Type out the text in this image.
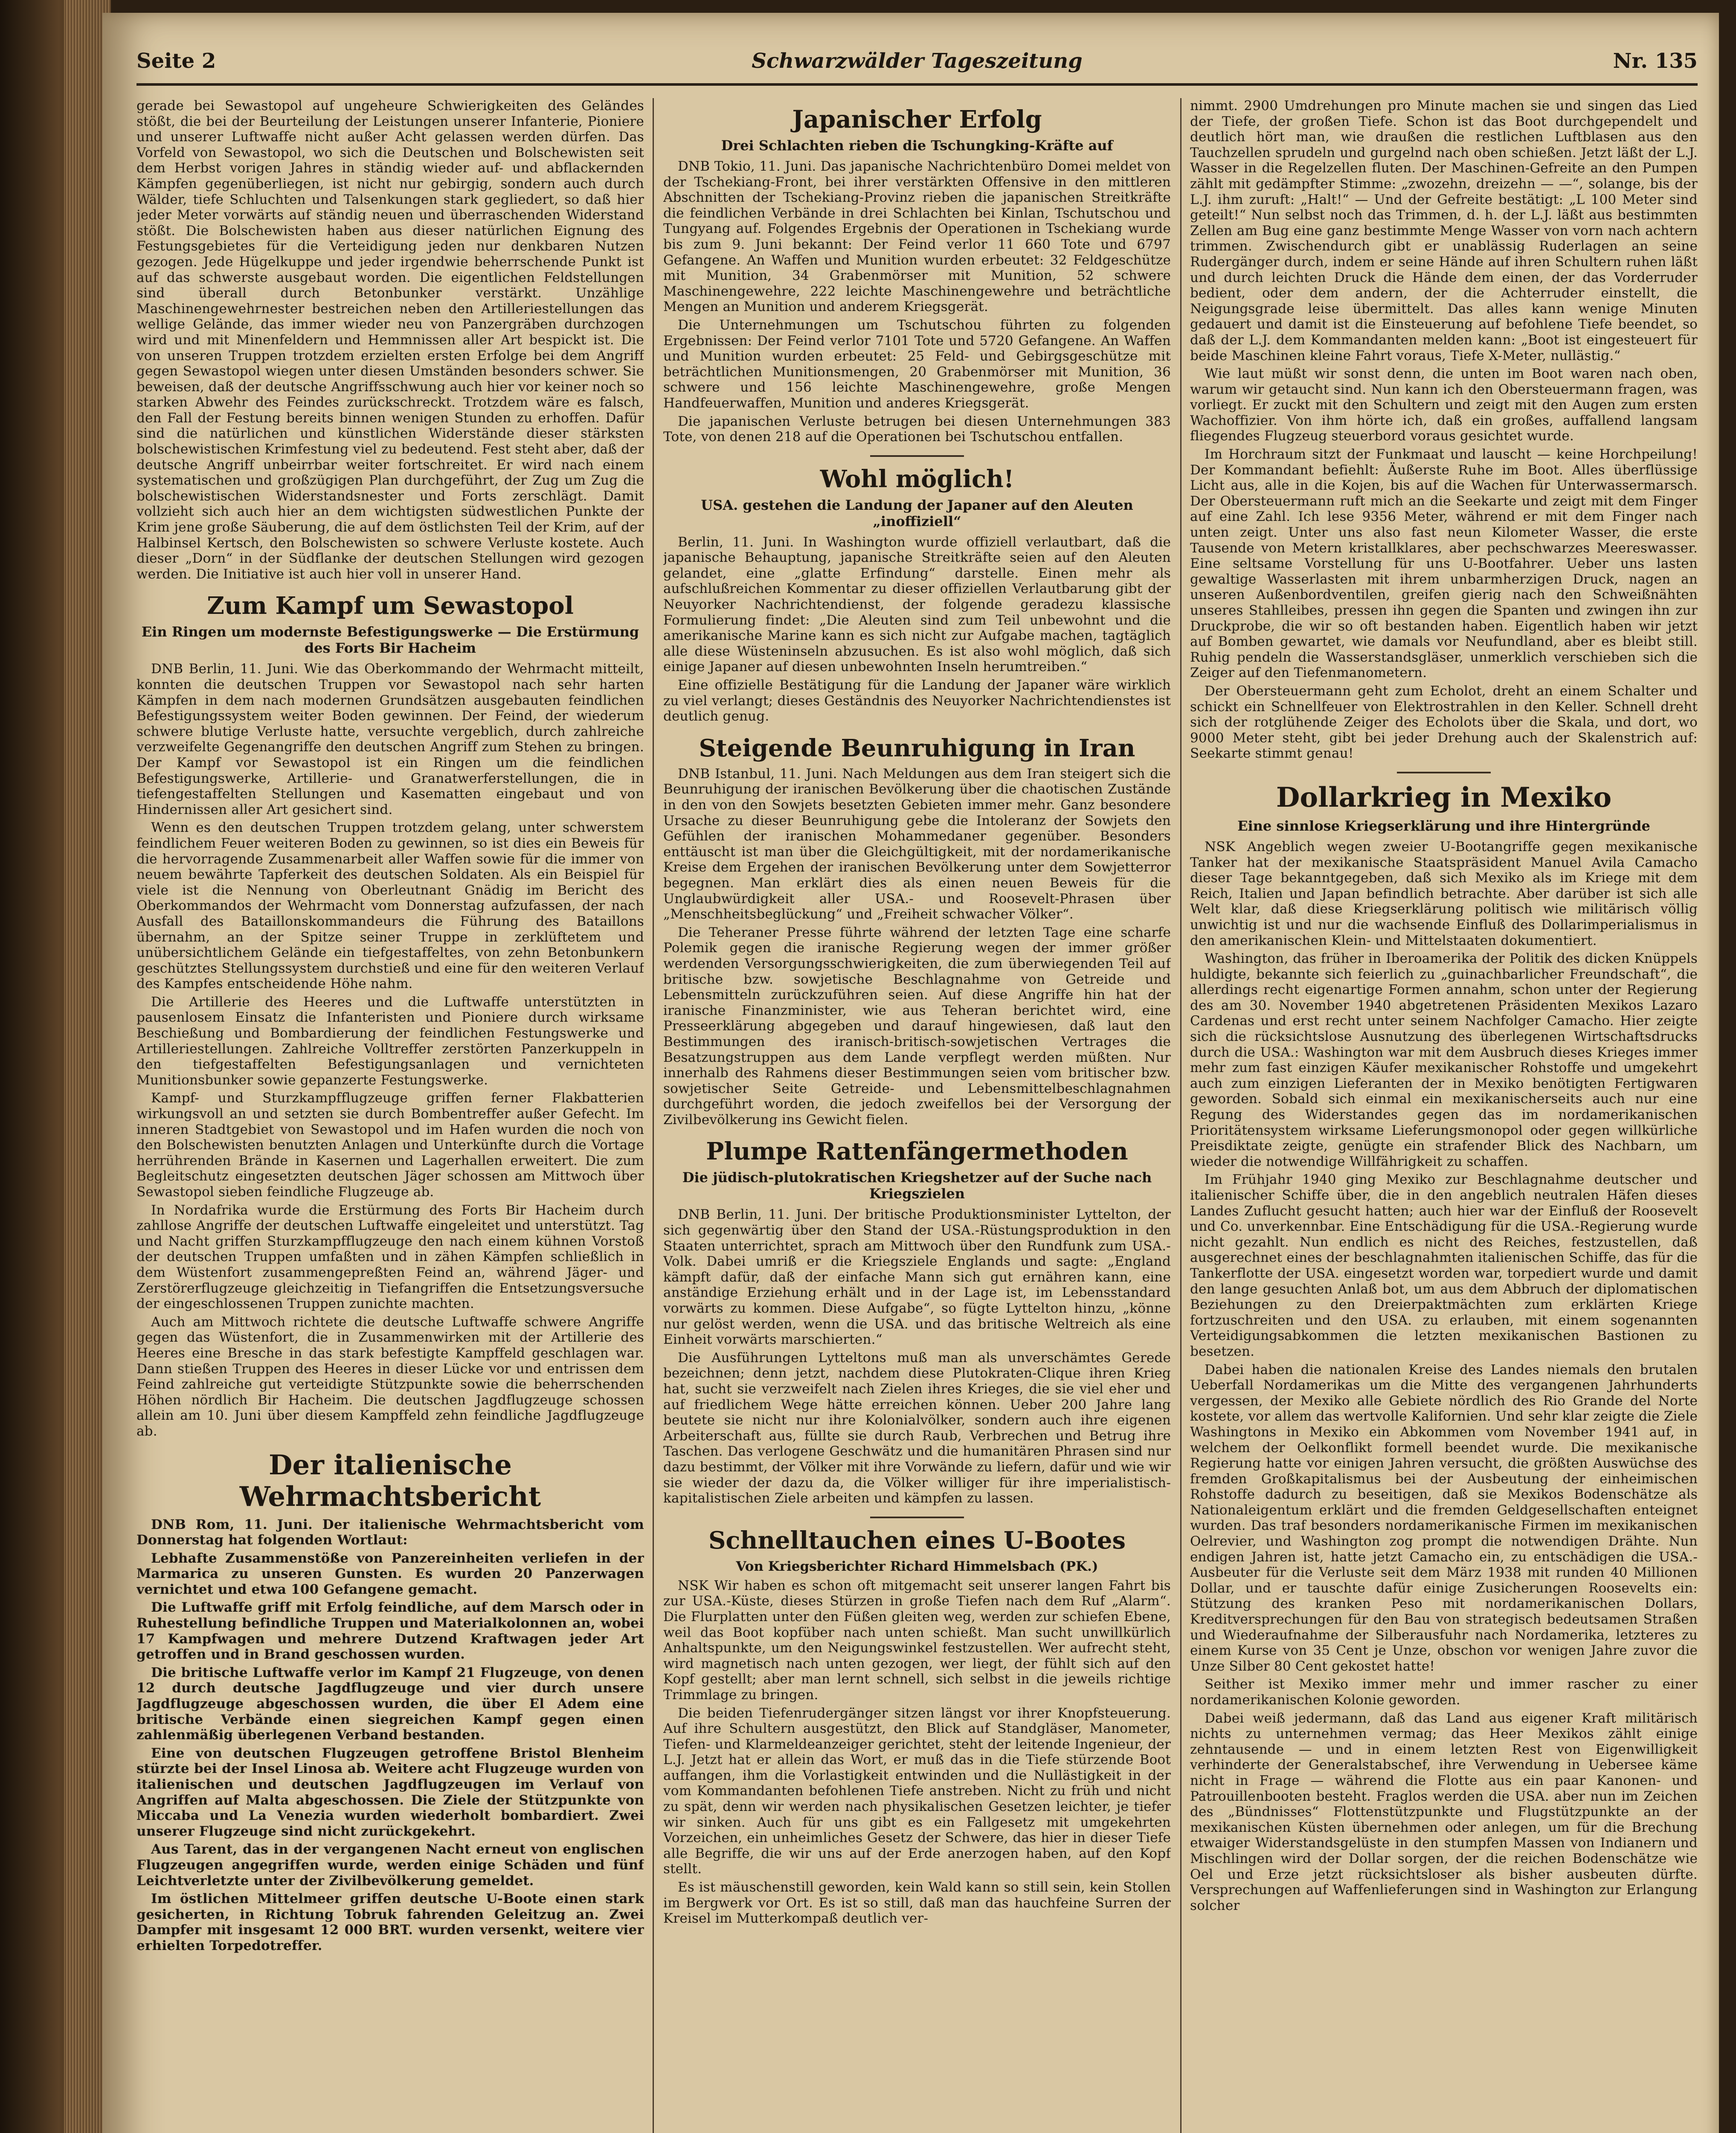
Seite 2	Schwarzwälder Tageszeitung	Nr. 135

gerade bei Sewastopol auf ungeheure Schwierigkeiten des Geländes stößt, die bei der Beurteilung der Leistungen unserer Infanterie, Pioniere und unserer Luftwaffe nicht außer Acht gelassen werden dürfen. Das Vorfeld von Sewastopol, wo sich die Deutschen und Bolschewisten seit dem Herbst vorigen Jahres in ständig wieder auf- und abflackernden Kämpfen gegenüberliegen, ist nicht nur gebirgig, sondern auch durch Wälder, tiefe Schluchten und Talsenkungen stark gegliedert, so daß hier jeder Meter vorwärts auf ständig neuen und überraschenden Widerstand stößt. Die Bolschewisten haben aus dieser natürlichen Eignung des Festungsgebietes für die Verteidigung jeden nur denkbaren Nutzen gezogen. Jede Hügelkuppe und jeder irgendwie beherrschende Punkt ist auf das schwerste ausgebaut worden. Die eigentlichen Feldstellungen sind überall durch Betonbunker verstärkt. Unzählige Maschinengewehrnester bestreichen neben den Artilleriestellungen das wellige Gelände, das immer wieder neu von Panzergräben durchzogen wird und mit Minenfeldern und Hemmnissen aller Art bespickt ist. Die von unseren Truppen trotzdem erzielten ersten Erfolge bei dem Angriff gegen Sewastopol wiegen unter diesen Umständen besonders schwer. Sie beweisen, daß der deutsche Angriffsschwung auch hier vor keiner noch so starken Abwehr des Feindes zurückschreckt. Trotzdem wäre es falsch, den Fall der Festung bereits binnen wenigen Stunden zu erhoffen. Dafür sind die natürlichen und künstlichen Widerstände dieser stärksten bolschewistischen Krimfestung viel zu bedeutend. Fest steht aber, daß der deutsche Angriff unbeirrbar weiter fortschreitet. Er wird nach einem systematischen und großzügigen Plan durchgeführt, der Zug um Zug die bolschewistischen Widerstandsnester und Forts zerschlägt. Damit vollzieht sich auch hier an dem wichtigsten südwestlichen Punkte der Krim jene große Säuberung, die auf dem östlichsten Teil der Krim, auf der Halbinsel Kertsch, den Bolschewisten so schwere Verluste kostete. Auch dieser „Dorn“ in der Südflanke der deutschen Stellungen wird gezogen werden. Die Initiative ist auch hier voll in unserer Hand.

Zum Kampf um Sewastopol
Ein Ringen um modernste Befestigungswerke — Die Erstürmung des Forts Bir Hacheim

DNB Berlin, 11. Juni. Wie das Oberkommando der Wehrmacht mitteilt, konnten die deutschen Truppen vor Sewastopol nach sehr harten Kämpfen in dem nach modernen Grundsätzen ausgebauten feindlichen Befestigungssystem weiter Boden gewinnen. Der Feind, der wiederum schwere blutige Verluste hatte, versuchte vergeblich, durch zahlreiche verzweifelte Gegenangriffe den deutschen Angriff zum Stehen zu bringen. Der Kampf vor Sewastopol ist ein Ringen um die feindlichen Befestigungswerke, Artillerie- und Granatwerferstellungen, die in tiefengestaffelten Stellungen und Kasematten eingebaut und von Hindernissen aller Art gesichert sind.

Wenn es den deutschen Truppen trotzdem gelang, unter schwerstem feindlichem Feuer weiteren Boden zu gewinnen, so ist dies ein Beweis für die hervorragende Zusammenarbeit aller Waffen sowie für die immer von neuem bewährte Tapferkeit des deutschen Soldaten. Als ein Beispiel für viele ist die Nennung von Oberleutnant Gnädig im Bericht des Oberkommandos der Wehrmacht vom Donnerstag aufzufassen, der nach Ausfall des Bataillonskommandeurs die Führung des Bataillons übernahm, an der Spitze seiner Truppe in zerklüftetem und unübersichtlichem Gelände ein tiefgestaffeltes, von zehn Betonbunkern geschütztes Stellungssystem durchstieß und eine für den weiteren Verlauf des Kampfes entscheidende Höhe nahm.

Die Artillerie des Heeres und die Luftwaffe unterstützten in pausenlosem Einsatz die Infanteristen und Pioniere durch wirksame Beschießung und Bombardierung der feindlichen Festungswerke und Artilleriestellungen. Zahlreiche Volltreffer zerstörten Panzerkuppeln in den tiefgestaffelten Befestigungsanlagen und vernichteten Munitionsbunker sowie gepanzerte Festungswerke.

Kampf- und Sturzkampfflugzeuge griffen ferner Flakbatterien wirkungsvoll an und setzten sie durch Bombentreffer außer Gefecht. Im inneren Stadtgebiet von Sewastopol und im Hafen wurden die noch von den Bolschewisten benutzten Anlagen und Unterkünfte durch die Vortage herrührenden Brände in Kasernen und Lagerhallen erweitert. Die zum Begleitschutz eingesetzten deutschen Jäger schossen am Mittwoch über Sewastopol sieben feindliche Flugzeuge ab.

In Nordafrika wurde die Erstürmung des Forts Bir Hacheim durch zahllose Angriffe der deutschen Luftwaffe eingeleitet und unterstützt. Tag und Nacht griffen Sturzkampfflugzeuge den nach einem kühnen Vorstoß der deutschen Truppen umfaßten und in zähen Kämpfen schließlich in dem Wüstenfort zusammengepreßten Feind an, während Jäger- und Zerstörerflugzeuge gleichzeitig in Tiefangriffen die Entsetzungsversuche der eingeschlossenen Truppen zunichte machten.

Auch am Mittwoch richtete die deutsche Luftwaffe schwere Angriffe gegen das Wüstenfort, die in Zusammenwirken mit der Artillerie des Heeres eine Bresche in das stark befestigte Kampffeld geschlagen war. Dann stießen Truppen des Heeres in dieser Lücke vor und entrissen dem Feind zahlreiche gut verteidigte Stützpunkte sowie die beherrschenden Höhen nördlich Bir Hacheim. Die deutschen Jagdflugzeuge schossen allein am 10. Juni über diesem Kampffeld zehn feindliche Jagdflugzeuge ab.

Der italienische Wehrmachtsbericht

DNB Rom, 11. Juni. Der italienische Wehrmachtsbericht vom Donnerstag hat folgenden Wortlaut:

Lebhafte Zusammenstöße von Panzereinheiten verliefen in der Marmarica zu unseren Gunsten. Es wurden 20 Panzerwagen vernichtet und etwa 100 Gefangene gemacht.

Die Luftwaffe griff mit Erfolg feindliche, auf dem Marsch oder in Ruhestellung befindliche Truppen und Materialkolonnen an, wobei 17 Kampfwagen und mehrere Dutzend Kraftwagen jeder Art getroffen und in Brand geschossen wurden.

Die britische Luftwaffe verlor im Kampf 21 Flugzeuge, von denen 12 durch deutsche Jagdflugzeuge und vier durch unsere Jagdflugzeuge abgeschossen wurden, die über El Adem eine britische Verbände einen siegreichen Kampf gegen einen zahlenmäßig überlegenen Verband bestanden.

Eine von deutschen Flugzeugen getroffene Bristol Blenheim stürzte bei der Insel Linosa ab. Weitere acht Flugzeuge wurden von italienischen und deutschen Jagdflugzeugen im Verlauf von Angriffen auf Malta abgeschossen. Die Ziele der Stützpunkte von Miccaba und La Venezia wurden wiederholt bombardiert. Zwei unserer Flugzeuge sind nicht zurückgekehrt.

Aus Tarent, das in der vergangenen Nacht erneut von englischen Flugzeugen angegriffen wurde, werden einige Schäden und fünf Leichtverletzte unter der Zivilbevölkerung gemeldet.

Im östlichen Mittelmeer griffen deutsche U-Boote einen stark gesicherten, in Richtung Tobruk fahrenden Geleitzug an. Zwei Dampfer mit insgesamt 12 000 BRT. wurden versenkt, weitere vier erhielten Torpedotreffer.

Japanischer Erfolg
Drei Schlachten rieben die Tschungking-Kräfte auf

DNB Tokio, 11. Juni. Das japanische Nachrichtenbüro Domei meldet von der Tschekiang-Front, bei ihrer verstärkten Offensive in den mittleren Abschnitten der Tschekiang-Provinz rieben die japanischen Streitkräfte die feindlichen Verbände in drei Schlachten bei Kinlan, Tschutschou und Tungyang auf. Folgendes Ergebnis der Operationen in Tschekiang wurde bis zum 9. Juni bekannt: Der Feind verlor 11 660 Tote und 6797 Gefangene. An Waffen und Munition wurden erbeutet: 32 Feldgeschütze mit Munition, 34 Grabenmörser mit Munition, 52 schwere Maschinengewehre, 222 leichte Maschinengewehre und beträchtliche Mengen an Munition und anderem Kriegsgerät.

Die Unternehmungen um Tschutschou führten zu folgenden Ergebnissen: Der Feind verlor 7101 Tote und 5720 Gefangene. An Waffen und Munition wurden erbeutet: 25 Feld- und Gebirgsgeschütze mit beträchtlichen Munitionsmengen, 20 Grabenmörser mit Munition, 36 schwere und 156 leichte Maschinengewehre, große Mengen Handfeuerwaffen, Munition und anderes Kriegsgerät.

Die japanischen Verluste betrugen bei diesen Unternehmungen 383 Tote, von denen 218 auf die Operationen bei Tschutschou entfallen.

Wohl möglich!
USA. gestehen die Landung der Japaner auf den Aleuten „inoffiziell“

Berlin, 11. Juni. In Washington wurde offiziell verlautbart, daß die japanische Behauptung, japanische Streitkräfte seien auf den Aleuten gelandet, eine „glatte Erfindung“ darstelle. Einen mehr als aufschlußreichen Kommentar zu dieser offiziellen Verlautbarung gibt der Neuyorker Nachrichtendienst, der folgende geradezu klassische Formulierung findet: „Die Aleuten sind zum Teil unbewohnt und die amerikanische Marine kann es sich nicht zur Aufgabe machen, tagtäglich alle diese Wüsteninseln abzusuchen. Es ist also wohl möglich, daß sich einige Japaner auf diesen unbewohnten Inseln herumtreiben.“

Eine offizielle Bestätigung für die Landung der Japaner wäre wirklich zu viel verlangt; dieses Geständnis des Neuyorker Nachrichtendienstes ist deutlich genug.

Steigende Beunruhigung in Iran

DNB Istanbul, 11. Juni. Nach Meldungen aus dem Iran steigert sich die Beunruhigung der iranischen Bevölkerung über die chaotischen Zustände in den von den Sowjets besetzten Gebieten immer mehr. Ganz besondere Ursache zu dieser Beunruhigung gebe die Intoleranz der Sowjets den Gefühlen der iranischen Mohammedaner gegenüber. Besonders enttäuscht ist man über die Gleichgültigkeit, mit der nordamerikanische Kreise dem Ergehen der iranischen Bevölkerung unter dem Sowjetterror begegnen. Man erklärt dies als einen neuen Beweis für die Unglaubwürdigkeit aller USA.- und Roosevelt-Phrasen über „Menschheitsbeglückung“ und „Freiheit schwacher Völker“.

Die Teheraner Presse führte während der letzten Tage eine scharfe Polemik gegen die iranische Regierung wegen der immer größer werdenden Versorgungsschwierigkeiten, die zum überwiegenden Teil auf britische bzw. sowjetische Beschlagnahme von Getreide und Lebensmitteln zurückzuführen seien. Auf diese Angriffe hin hat der iranische Finanzminister, wie aus Teheran berichtet wird, eine Presseerklärung abgegeben und darauf hingewiesen, daß laut den Bestimmungen des iranisch-britisch-sowjetischen Vertrages die Besatzungstruppen aus dem Lande verpflegt werden müßten. Nur innerhalb des Rahmens dieser Bestimmungen seien vom britischer bzw. sowjetischer Seite Getreide- und Lebensmittelbeschlagnahmen durchgeführt worden, die jedoch zweifellos bei der Versorgung der Zivilbevölkerung ins Gewicht fielen.

Plumpe Rattenfängermethoden
Die jüdisch-plutokratischen Kriegshetzer auf der Suche nach Kriegszielen

DNB Berlin, 11. Juni. Der britische Produktionsminister Lyttelton, der sich gegenwärtig über den Stand der USA.-Rüstungsproduktion in den Staaten unterrichtet, sprach am Mittwoch über den Rundfunk zum USA.-Volk. Dabei umriß er die Kriegsziele Englands und sagte: „England kämpft dafür, daß der einfache Mann sich gut ernähren kann, eine anständige Erziehung erhält und in der Lage ist, im Lebensstandard vorwärts zu kommen. Diese Aufgabe“, so fügte Lyttelton hinzu, „könne nur gelöst werden, wenn die USA. und das britische Weltreich als eine Einheit vorwärts marschierten.“

Die Ausführungen Lytteltons muß man als unverschämtes Gerede bezeichnen; denn jetzt, nachdem diese Plutokraten-Clique ihren Krieg hat, sucht sie verzweifelt nach Zielen ihres Krieges, die sie viel eher und auf friedlichem Wege hätte erreichen können. Ueber 200 Jahre lang beutete sie nicht nur ihre Kolonialvölker, sondern auch ihre eigenen Arbeiterschaft aus, füllte sie durch Raub, Verbrechen und Betrug ihre Taschen. Das verlogene Geschwätz und die humanitären Phrasen sind nur dazu bestimmt, der Völker mit ihre Vorwände zu liefern, dafür und wie wir sie wieder der dazu da, die Völker williger für ihre imperialistisch-kapitalistischen Ziele arbeiten und kämpfen zu lassen.

Schnelltauchen eines U-Bootes
Von Kriegsberichter Richard Himmelsbach (PK.)

NSK Wir haben es schon oft mitgemacht seit unserer langen Fahrt bis zur USA.-Küste, dieses Stürzen in große Tiefen nach dem Ruf „Alarm“. Die Flurplatten unter den Füßen gleiten weg, werden zur schiefen Ebene, weil das Boot kopfüber nach unten schießt. Man sucht unwillkürlich Anhaltspunkte, um den Neigungswinkel festzustellen. Wer aufrecht steht, wird magnetisch nach unten gezogen, wer liegt, der fühlt sich auf den Kopf gestellt; aber man lernt schnell, sich selbst in die jeweils richtige Trimmlage zu bringen.

Die beiden Tiefenrudergänger sitzen längst vor ihrer Knopfsteuerung. Auf ihre Schultern ausgestützt, den Blick auf Standgläser, Manometer, Tiefen- und Klarmeldeanzeiger gerichtet, steht der leitende Ingenieur, der L.J. Jetzt hat er allein das Wort, er muß das in die Tiefe stürzende Boot auffangen, ihm die Vorlastigkeit entwinden und die Nullästigkeit in der vom Kommandanten befohlenen Tiefe anstreben. Nicht zu früh und nicht zu spät, denn wir werden nach physikalischen Gesetzen leichter, je tiefer wir sinken. Auch für uns gibt es ein Fallgesetz mit umgekehrten Vorzeichen, ein unheimliches Gesetz der Schwere, das hier in dieser Tiefe alle Begriffe, die wir uns auf der Erde anerzogen haben, auf den Kopf stellt.

Es ist mäuschenstill geworden, kein Wald kann so still sein, kein Stollen im Bergwerk vor Ort. Es ist so still, daß man das hauchfeine Surren der Kreisel im Mutterkompaß deutlich ver-

nimmt. 2900 Umdrehungen pro Minute machen sie und singen das Lied der Tiefe, der großen Tiefe. Schon ist das Boot durchgependelt und deutlich hört man, wie draußen die restlichen Luftblasen aus den Tauchzellen sprudeln und gurgelnd nach oben schießen. Jetzt läßt der L.J. Wasser in die Regelzellen fluten. Der Maschinen-Gefreite an den Pumpen zählt mit gedämpfter Stimme: „zwozehn, dreizehn — —“, solange, bis der L.J. ihm zuruft: „Halt!“ — Und der Gefreite bestätigt: „L 100 Meter sind geteilt!“ Nun selbst noch das Trimmen, d. h. der L.J. läßt aus bestimmten Zellen am Bug eine ganz bestimmte Menge Wasser von vorn nach achtern trimmen. Zwischendurch gibt er unablässig Ruderlagen an seine Rudergänger durch, indem er seine Hände auf ihren Schultern ruhen läßt und durch leichten Druck die Hände dem einen, der das Vorderruder bedient, oder dem andern, der die Achterruder einstellt, die Neigungsgrade leise übermittelt. Das alles kann wenige Minuten gedauert und damit ist die Einsteuerung auf befohlene Tiefe beendet, so daß der L.J. dem Kommandanten melden kann: „Boot ist eingesteuert für beide Maschinen kleine Fahrt voraus, Tiefe X-Meter, nullästig.“

Wie laut müßt wir sonst denn, die unten im Boot waren nach oben, warum wir getaucht sind. Nun kann ich den Obersteuermann fragen, was vorliegt. Er zuckt mit den Schultern und zeigt mit den Augen zum ersten Wachoffizier. Von ihm hörte ich, daß ein großes, auffallend langsam fliegendes Flugzeug steuerbord voraus gesichtet wurde.

Im Horchraum sitzt der Funkmaat und lauscht — keine Horchpeilung! Der Kommandant befiehlt: Äußerste Ruhe im Boot. Alles überflüssige Licht aus, alle in die Kojen, bis auf die Wachen für Unterwassermarsch. Der Obersteuermann ruft mich an die Seekarte und zeigt mit dem Finger auf eine Zahl. Ich lese 9356 Meter, während er mit dem Finger nach unten zeigt. Unter uns also fast neun Kilometer Wasser, die erste Tausende von Metern kristallklares, aber pechschwarzes Meereswasser. Eine seltsame Vorstellung für uns U-Bootfahrer. Ueber uns lasten gewaltige Wasserlasten mit ihrem unbarmherzigen Druck, nagen an unseren Außenbordventilen, greifen gierig nach den Schweißnähten unseres Stahlleibes, pressen ihn gegen die Spanten und zwingen ihn zur Druckprobe, die wir so oft bestanden haben. Eigentlich haben wir jetzt auf Bomben gewartet, wie damals vor Neufundland, aber es bleibt still. Ruhig pendeln die Wasserstandsgläser, unmerklich verschieben sich die Zeiger auf den Tiefenmanometern.

Der Obersteuermann geht zum Echolot, dreht an einem Schalter und schickt ein Schnellfeuer von Elektrostrahlen in den Keller. Schnell dreht sich der rotglühende Zeiger des Echolots über die Skala, und dort, wo 9000 Meter steht, gibt bei jeder Drehung auch der Skalenstrich auf: Seekarte stimmt genau!

Dollarkrieg in Mexiko
Eine sinnlose Kriegserklärung und ihre Hintergründe

NSK Angeblich wegen zweier U-Bootangriffe gegen mexikanische Tanker hat der mexikanische Staatspräsident Manuel Avila Camacho dieser Tage bekanntgegeben, daß sich Mexiko als im Kriege mit dem Reich, Italien und Japan befindlich betrachte. Aber darüber ist sich alle Welt klar, daß diese Kriegserklärung politisch wie militärisch völlig unwichtig ist und nur die wachsende Einfluß des Dollarimperialismus in den amerikanischen Klein- und Mittelstaaten dokumentiert.

Washington, das früher in Iberoamerika der Politik des dicken Knüppels huldigte, bekannte sich feierlich zu „guinachbarlicher Freundschaft“, die allerdings recht eigenartige Formen annahm, schon unter der Regierung des am 30. November 1940 abgetretenen Präsidenten Mexikos Lazaro Cardenas und erst recht unter seinem Nachfolger Camacho. Hier zeigte sich die rücksichtslose Ausnutzung des überlegenen Wirtschaftsdrucks durch die USA.: Washington war mit dem Ausbruch dieses Krieges immer mehr zum fast einzigen Käufer mexikanischer Rohstoffe und umgekehrt auch zum einzigen Lieferanten der in Mexiko benötigten Fertigwaren geworden. Sobald sich einmal ein mexikanischerseits auch nur eine Regung des Widerstandes gegen das im nordamerikanischen Prioritätensystem wirksame Lieferungsmonopol oder gegen willkürliche Preisdiktate zeigte, genügte ein strafender Blick des Nachbarn, um wieder die notwendige Willfährigkeit zu schaffen.

Im Frühjahr 1940 ging Mexiko zur Beschlagnahme deutscher und italienischer Schiffe über, die in den angeblich neutralen Häfen dieses Landes Zuflucht gesucht hatten; auch hier war der Einfluß der Roosevelt und Co. unverkennbar. Eine Entschädigung für die USA.-Regierung wurde nicht gezahlt. Nun endlich es nicht des Reiches, festzustellen, daß ausgerechnet eines der beschlagnahmten italienischen Schiffe, das für die Tankerflotte der USA. eingesetzt worden war, torpediert wurde und damit den lange gesuchten Anlaß bot, um aus dem Abbruch der diplomatischen Beziehungen zu den Dreierpaktmächten zum erklärten Kriege fortzuschreiten und den USA. zu erlauben, mit einem sogenannten Verteidigungsabkommen die letzten mexikanischen Bastionen zu besetzen.

Dabei haben die nationalen Kreise des Landes niemals den brutalen Ueberfall Nordamerikas um die Mitte des vergangenen Jahrhunderts vergessen, der Mexiko alle Gebiete nördlich des Rio Grande del Norte kostete, vor allem das wertvolle Kalifornien. Und sehr klar zeigte die Ziele Washingtons in Mexiko ein Abkommen vom November 1941 auf, in welchem der Oelkonflikt formell beendet wurde. Die mexikanische Regierung hatte vor einigen Jahren versucht, die größten Auswüchse des fremden Großkapitalismus bei der Ausbeutung der einheimischen Rohstoffe dadurch zu beseitigen, daß sie Mexikos Bodenschätze als Nationaleigentum erklärt und die fremden Geldgesellschaften enteignet wurden. Das traf besonders nordamerikanische Firmen im mexikanischen Oelrevier, und Washington zog prompt die notwendigen Drähte. Nun endigen Jahren ist, hatte jetzt Camacho ein, zu entschädigen die USA.-Ausbeuter für die Verluste seit dem März 1938 mit runden 40 Millionen Dollar, und er tauschte dafür einige Zusicherungen Roosevelts ein: Stützung des kranken Peso mit nordamerikanischen Dollars, Kreditversprechungen für den Bau von strategisch bedeutsamen Straßen und Wiederaufnahme der Silberausfuhr nach Nordamerika, letzteres zu einem Kurse von 35 Cent je Unze, obschon vor wenigen Jahre zuvor die Unze Silber 80 Cent gekostet hatte!

Seither ist Mexiko immer mehr und immer rascher zu einer nordamerikanischen Kolonie geworden.

Dabei weiß jedermann, daß das Land aus eigener Kraft militärisch nichts zu unternehmen vermag; das Heer Mexikos zählt einige zehntausende — und in einem letzten Rest von Eigenwilligkeit verhinderte der Generalstabschef, ihre Verwendung in Uebersee käme nicht in Frage — während die Flotte aus ein paar Kanonen- und Patrouillenbooten besteht. Fraglos werden die USA. aber nun im Zeichen des „Bündnisses“ Flottenstützpunkte und Flugstützpunkte an der mexikanischen Küsten übernehmen oder anlegen, um für die Brechung etwaiger Widerstandsgelüste in den stumpfen Massen von Indianern und Mischlingen wird der Dollar sorgen, der die reichen Bodenschätze wie Oel und Erze jetzt rücksichtsloser als bisher ausbeuten dürfte. Versprechungen auf Waffenlieferungen sind in Washington zur Erlangung solcher
